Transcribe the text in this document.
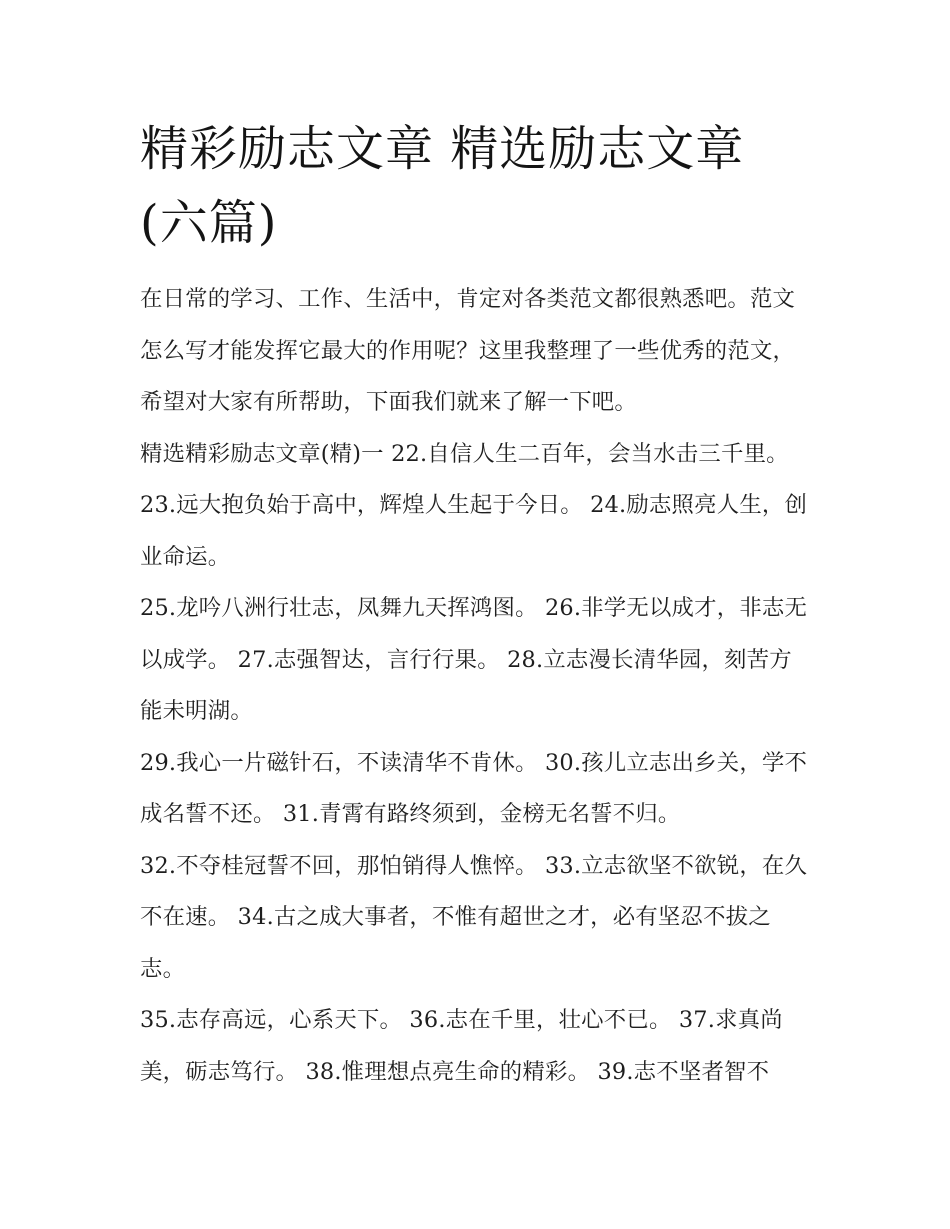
精彩励志文章 精选励志文章(六篇)

在日常的学习、工作、生活中，肯定对各类范文都很熟悉吧。范文怎么写才能发挥它最大的作用呢？这里我整理了一些优秀的范文，希望对大家有所帮助，下面我们就来了解一下吧。

精选精彩励志文章(精)一 22.自信人生二百年，会当水击三千里。 23.远大抱负始于高中，辉煌人生起于今日。 24.励志照亮人生，创业命运。

25.龙吟八洲行壮志，凤舞九天挥鸿图。 26.非学无以成才，非志无以成学。 27.志强智达，言行行果。 28.立志漫长清华园，刻苦方能未明湖。

29.我心一片磁针石，不读清华不肯休。 30.孩儿立志出乡关，学不成名誓不还。 31.青霄有路终须到，金榜无名誓不归。

32.不夺桂冠誓不回，那怕销得人憔悴。 33.立志欲坚不欲锐，在久不在速。 34.古之成大事者，不惟有超世之才，必有坚忍不拔之志。

35.志存高远，心系天下。 36.志在千里，壮心不已。 37.求真尚美，砺志笃行。 38.惟理想点亮生命的精彩。 39.志不坚者智不
